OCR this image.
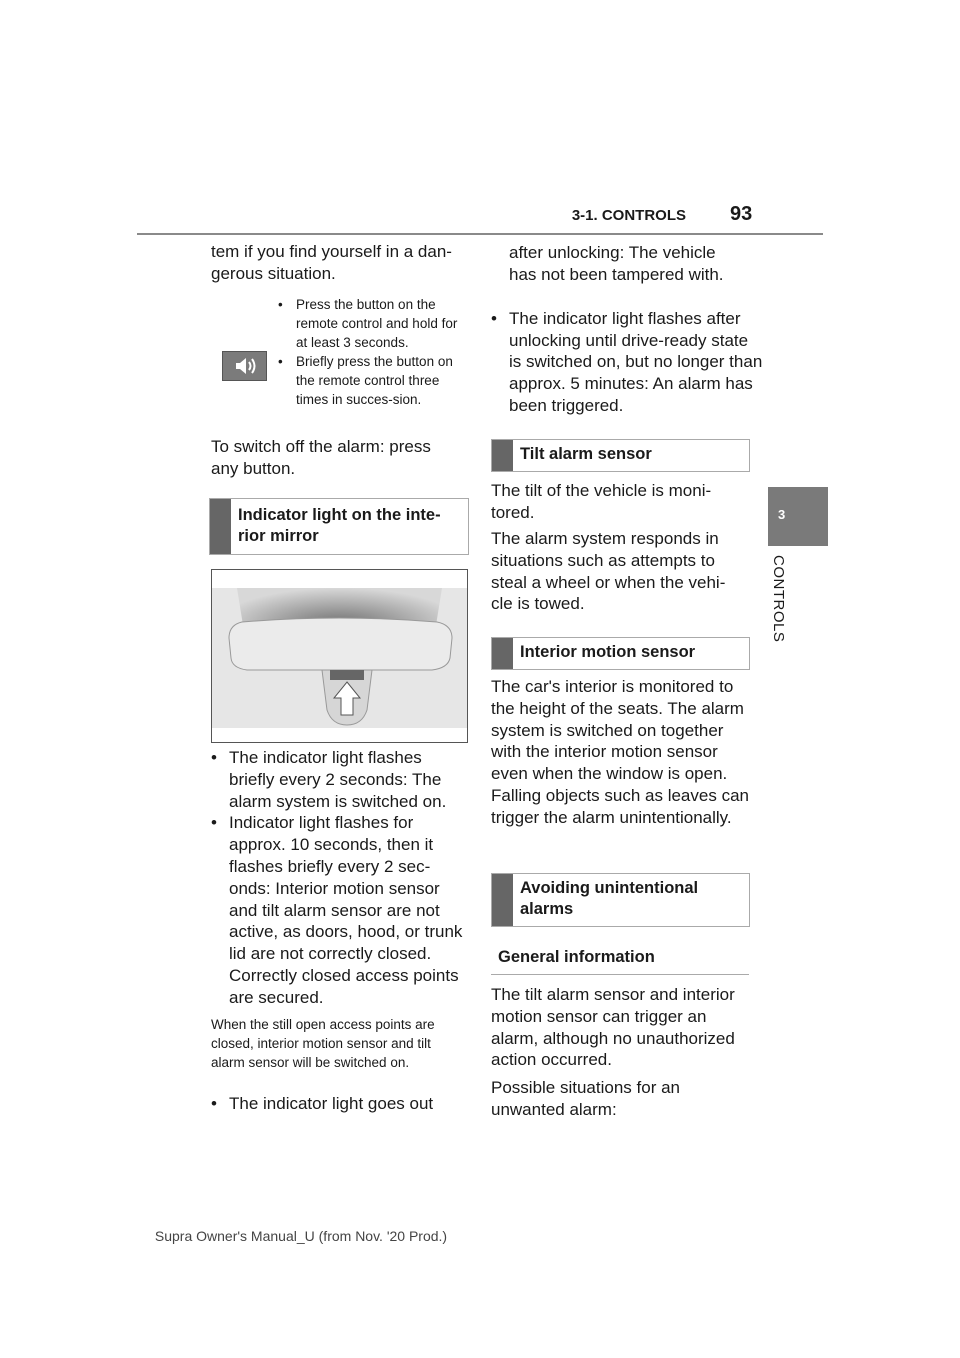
3-1. CONTROLS 93
3
CONTROLS

tem if you find yourself in a dan-

gerous situation.

• Press the button on the remote control and hold for at least 3 seconds.
• Briefly press the button on the remote control three times in succes-sion.

To switch off the alarm: press any button.

Indicator light on the inte-rior mirror
• The indicator light flashes briefly every 2 seconds: The alarm system is switched on.
• Indicator light flashes for approx. 10 seconds, then it flashes briefly every 2 sec-onds: Interior motion sensor and tilt alarm sensor are not active, as doors, hood, or trunk lid are not correctly closed. Correctly closed access points are secured.

When the still open access points are closed, interior motion sensor and tilt alarm sensor will be switched on.

• The indicator light goes out

after unlocking: The vehicle has not been tampered with.

• The indicator light flashes after unlocking until drive-ready state is switched on, but no longer than approx. 5 minutes: An alarm has been triggered.
Tilt alarm sensor

The tilt of the vehicle is moni-tored.

The alarm system responds in situations such as attempts to steal a wheel or when the vehi-cle is towed.

Interior motion sensor

The car's interior is monitored to the height of the seats. The alarm system is switched on together with the interior motion sensor even when the window is open. Falling objects such as leaves can trigger the alarm unintentionally.

Avoiding unintentional alarms
General information

The tilt alarm sensor and interior motion sensor can trigger an alarm, although no unauthorized action occurred.

Possible situations for an unwanted alarm:

Supra Owner's Manual_U (from Nov. '20 Prod.)
